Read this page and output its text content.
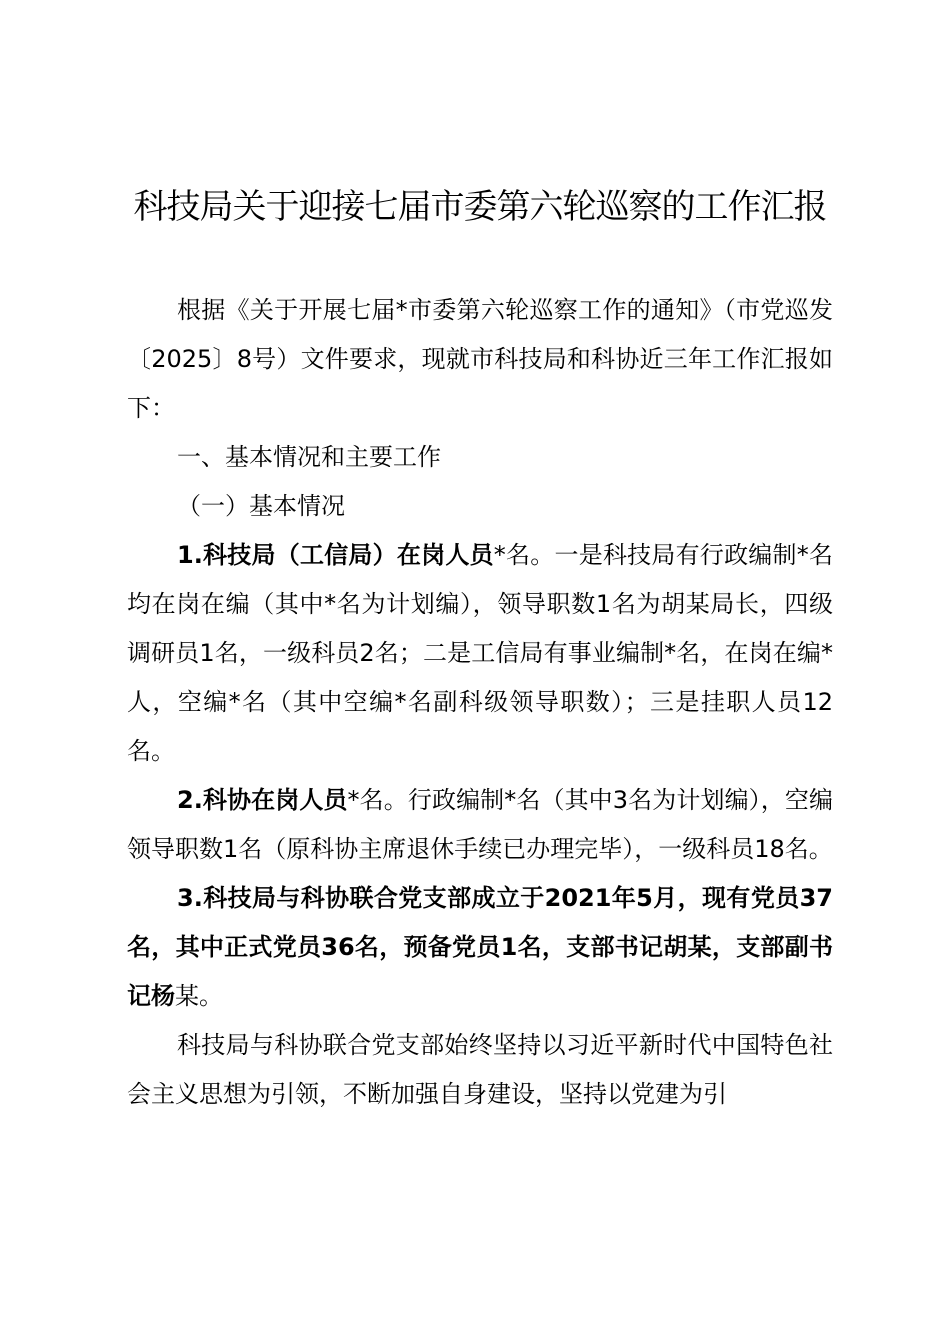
科技局关于迎接七届市委第六轮巡察的工作汇报

根据《关于开展七届*市委第六轮巡察工作的通知》（市党巡发〔2025〕8号）文件要求，现就市科技局和科协近三年工作汇报如下：

一、基本情况和主要工作

（一）基本情况

1.科技局（工信局）在岗人员*名。一是科技局有行政编制*名均在岗在编（其中*名为计划编），领导职数1名为胡某局长，四级调研员1名，一级科员2名；二是工信局有事业编制*名，在岗在编*人，空编*名（其中空编*名副科级领导职数）；三是挂职人员12名。

2.科协在岗人员*名。行政编制*名（其中3名为计划编），空编领导职数1名（原科协主席退休手续已办理完毕），一级科员18名。

3.科技局与科协联合党支部成立于2021年5月，现有党员37名，其中正式党员36名，预备党员1名，支部书记胡某，支部副书记杨某。

科技局与科协联合党支部始终坚持以习近平新时代中国特色社会主义思想为引领，不断加强自身建设，坚持以党建为引
